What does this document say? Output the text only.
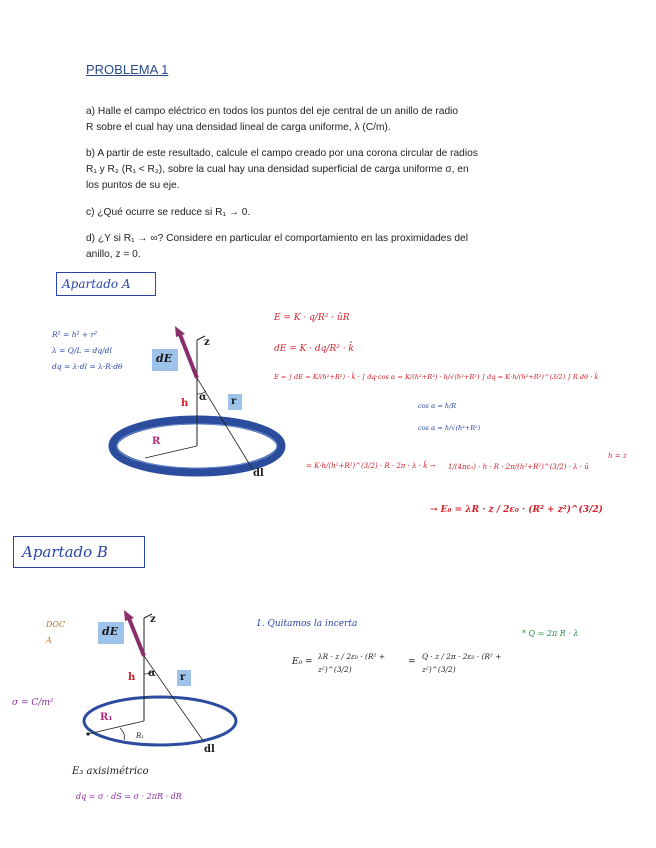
PROBLEMA 1
a) Halle el campo eléctrico en todos los puntos del eje central de un anillo de radio
R sobre el cual hay una densidad lineal de carga uniforme, λ (C/m).
b) A partir de este resultado, calcule el campo creado por una corona circular de radios
R₁ y R₂ (R₁ < R₂), sobre la cual hay una densidad superficial de carga uniforme σ, en
los puntos de su eje.
c) ¿Qué ocurre se reduce si R₁ → 0.
d) ¿Y si R₁ → ∞? Considere en particular el comportamiento en las proximidades del
anillo, z = 0.
Apartado A
R² = h² + r²
λ = Q/L = dq/dl
dq = λ·dl = λ·R·dθ
dE
z
h
α r
R
dl
E = K · q/R² · ûR
dE = K · dq/R² · k̂
E = ∫ dE = K/(h²+R²) · k̂ · ∫ dq·cos α = K/(h²+R²) · h/√(h²+R²) ∫ dq = K·h/(h²+R²)^(3/2) ∫ R dθ · k̂
cos α = h/R
cos α = h/√(h²+R²)
= K·h/(h²+R²)^(3/2) · R · 2π · λ · k̂ → 1/(4πε₀) · h · R · 2π/(h²+R²)^(3/2) · λ · û
h = z
→ E₀ = λR · z / 2ε₀ · (R² + z²)^(3/2)
Apartado B
DOC
A
σ = C/m²
dE
z
h α r
R₁
R₁
dl
E₃ axisimétrico
dq = σ · dS = σ · 2πR · dR
1. Quitamos la incerta
* Q = 2π R · λ
E₀ =
λR · z / 2ε₀ · (R² + z²)^(3/2)
=
Q · z / 2π · 2ε₀ · (R² + z²)^(3/2)
